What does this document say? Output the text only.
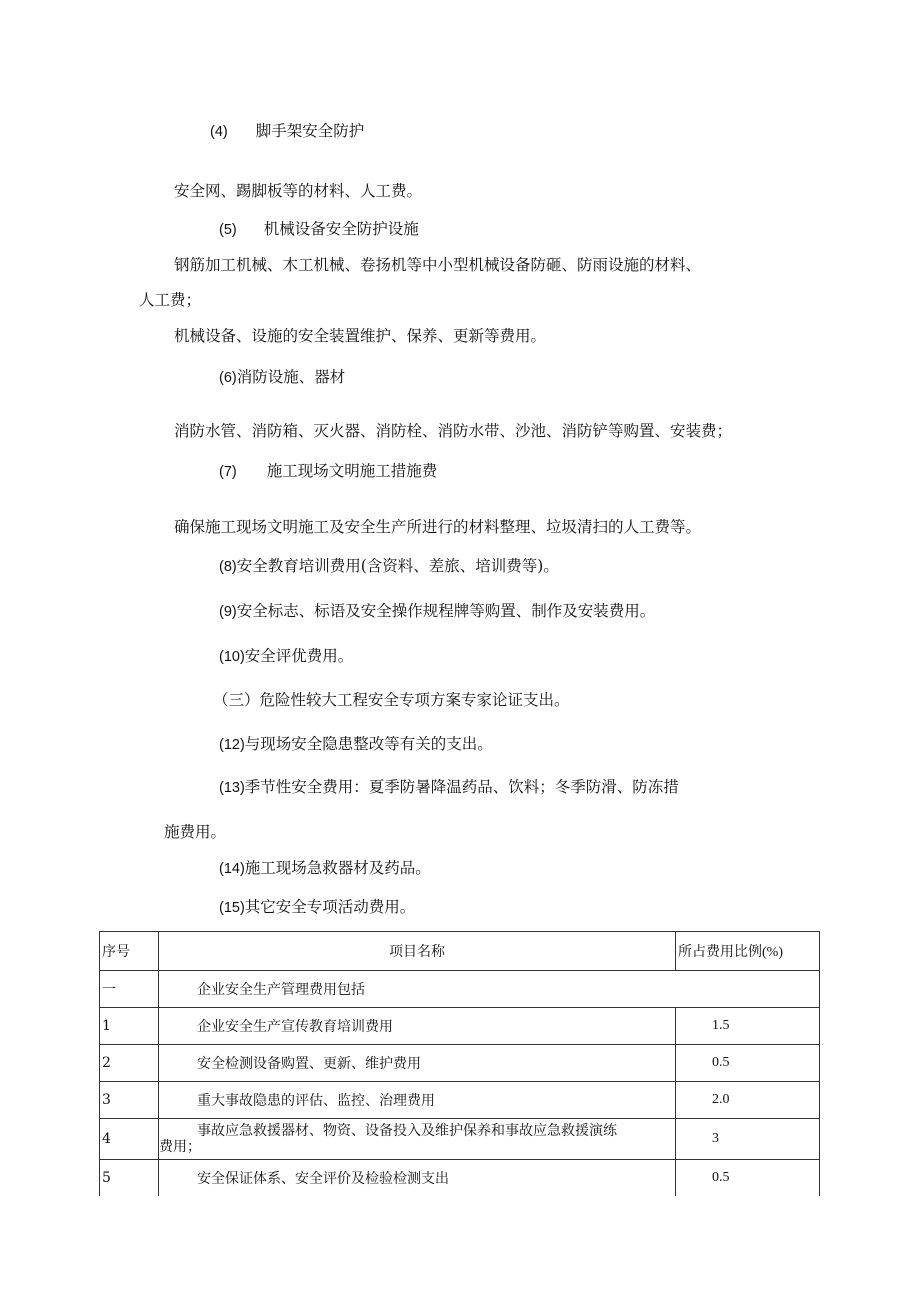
(4) 脚手架安全防护
安全网、踢脚板等的材料、人工费。
(5) 机械设备安全防护设施
钢筋加工机械、木工机械、卷扬机等中小型机械设备防砸、防雨设施的材料、
人工费；
机械设备、设施的安全装置维护、保养、更新等费用。
(6)消防设施、器材
消防水管、消防箱、灭火器、消防栓、消防水带、沙池、消防铲等购置、安装费；
(7) 施工现场文明施工措施费
确保施工现场文明施工及安全生产所进行的材料整理、垃圾清扫的人工费等。
(8)安全教育培训费用(含资料、差旅、培训费等)。
(9)安全标志、标语及安全操作规程牌等购置、制作及安装费用。
(10)安全评优费用。
（三）危险性较大工程安全专项方案专家论证支出。
(12)与现场安全隐患整改等有关的支出。
(13)季节性安全费用：夏季防暑降温药品、饮料；冬季防滑、防冻措
施费用。
(14)施工现场急救器材及药品。
(15)其它安全专项活动费用。
序号	项目名称	所占费用比例(%)
一	企业安全生产管理费用包括	
1	企业安全生产宣传教育培训费用	1.5
2	安全检测设备购置、更新、维护费用	0.5
3	重大事故隐患的评估、监控、治理费用	2.0
4	事故应急救援器材、物资、设备投入及维护保养和事故应急救援演练
费用；	3
5	安全保证体系、安全评价及检验检测支出	0.5
